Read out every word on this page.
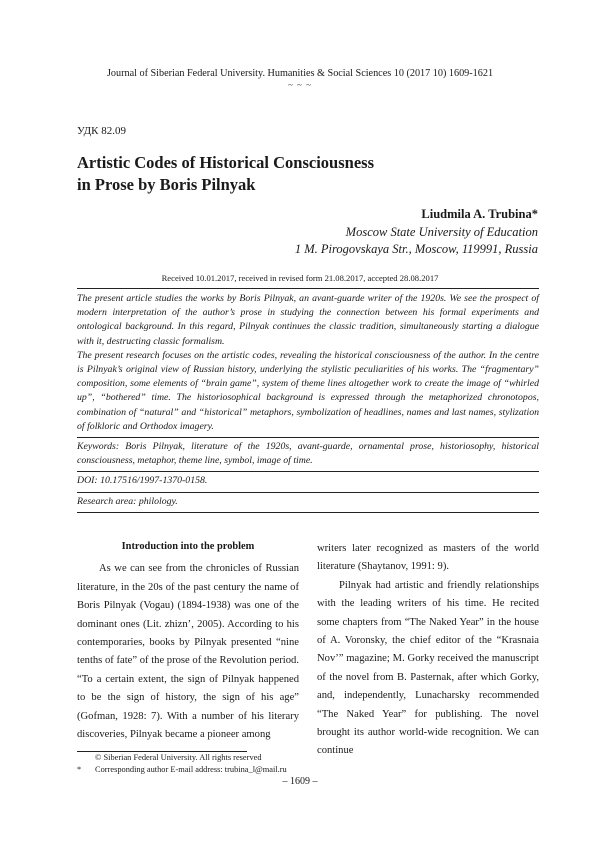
Journal of Siberian Federal University. Humanities & Social Sciences 10 (2017 10) 1609-1621
~ ~ ~
УДК 82.09
Artistic Codes of Historical Consciousness
in Prose by Boris Pilnyak
Liudmila A. Trubina*
Moscow State University of Education
1 M. Pirogovskaya Str., Moscow, 119991, Russia
Received 10.01.2017, received in revised form 21.08.2017, accepted 28.08.2017

The present article studies the works by Boris Pilnyak, an avant-guarde writer of the 1920s. We see the prospect of modern interpretation of the author’s prose in studying the connection between his formal experiments and ontological background. In this regard, Pilnyak continues the classic tradition, simultaneously starting a dialogue with it, destructing classic formalism.

The present research focuses on the artistic codes, revealing the historical consciousness of the author. In the centre is Pilnyak’s original view of Russian history, underlying the stylistic peculiarities of his works. The “fragmentary” composition, some elements of “brain game”, system of theme lines altogether work to create the image of “whirled up”, “bothered” time. The historiosophical background is expressed through the metaphorized chronotopos, combination of “natural” and “historical” metaphors, symbolization of headlines, names and last names, stylization of folkloric and Orthodox imagery.

Keywords: Boris Pilnyak, literature of the 1920s, avant-guarde, ornamental prose, historiosophy, historical consciousness, metaphor, theme line, symbol, image of time.

DOI: 10.17516/1997-1370-0158.

Research area: philology.

Introduction into the problem

As we can see from the chronicles of Russian literature, in the 20s of the past century the name of Boris Pilnyak (Vogau) (1894-1938) was one of the dominant ones (Lit. zhizn’, 2005). According to his contemporaries, books by Pilnyak presented “nine tenths of fate” of the prose of the Revolution period. “To a certain extent, the sign of Pilnyak happened to be the sign of history, the sign of his age” (Gofman, 1928: 7). With a number of his literary discoveries, Pilnyak became a pioneer among

writers later recognized as masters of the world literature (Shaytanov, 1991: 9).

Pilnyak had artistic and friendly relationships with the leading writers of his time. He recited some chapters from “The Naked Year” in the house of A. Voronsky, the chief editor of the “Krasnaia Nov’” magazine; M. Gorky received the manuscript of the novel from B. Pasternak, after which Gorky, and, independently, Lunacharsky recommended “The Naked Year” for publishing. The novel brought its author world-wide recognition. We can continue

© Siberian Federal University. All rights reserved
* Corresponding author E-mail address: trubina_l@mail.ru
– 1609 –
